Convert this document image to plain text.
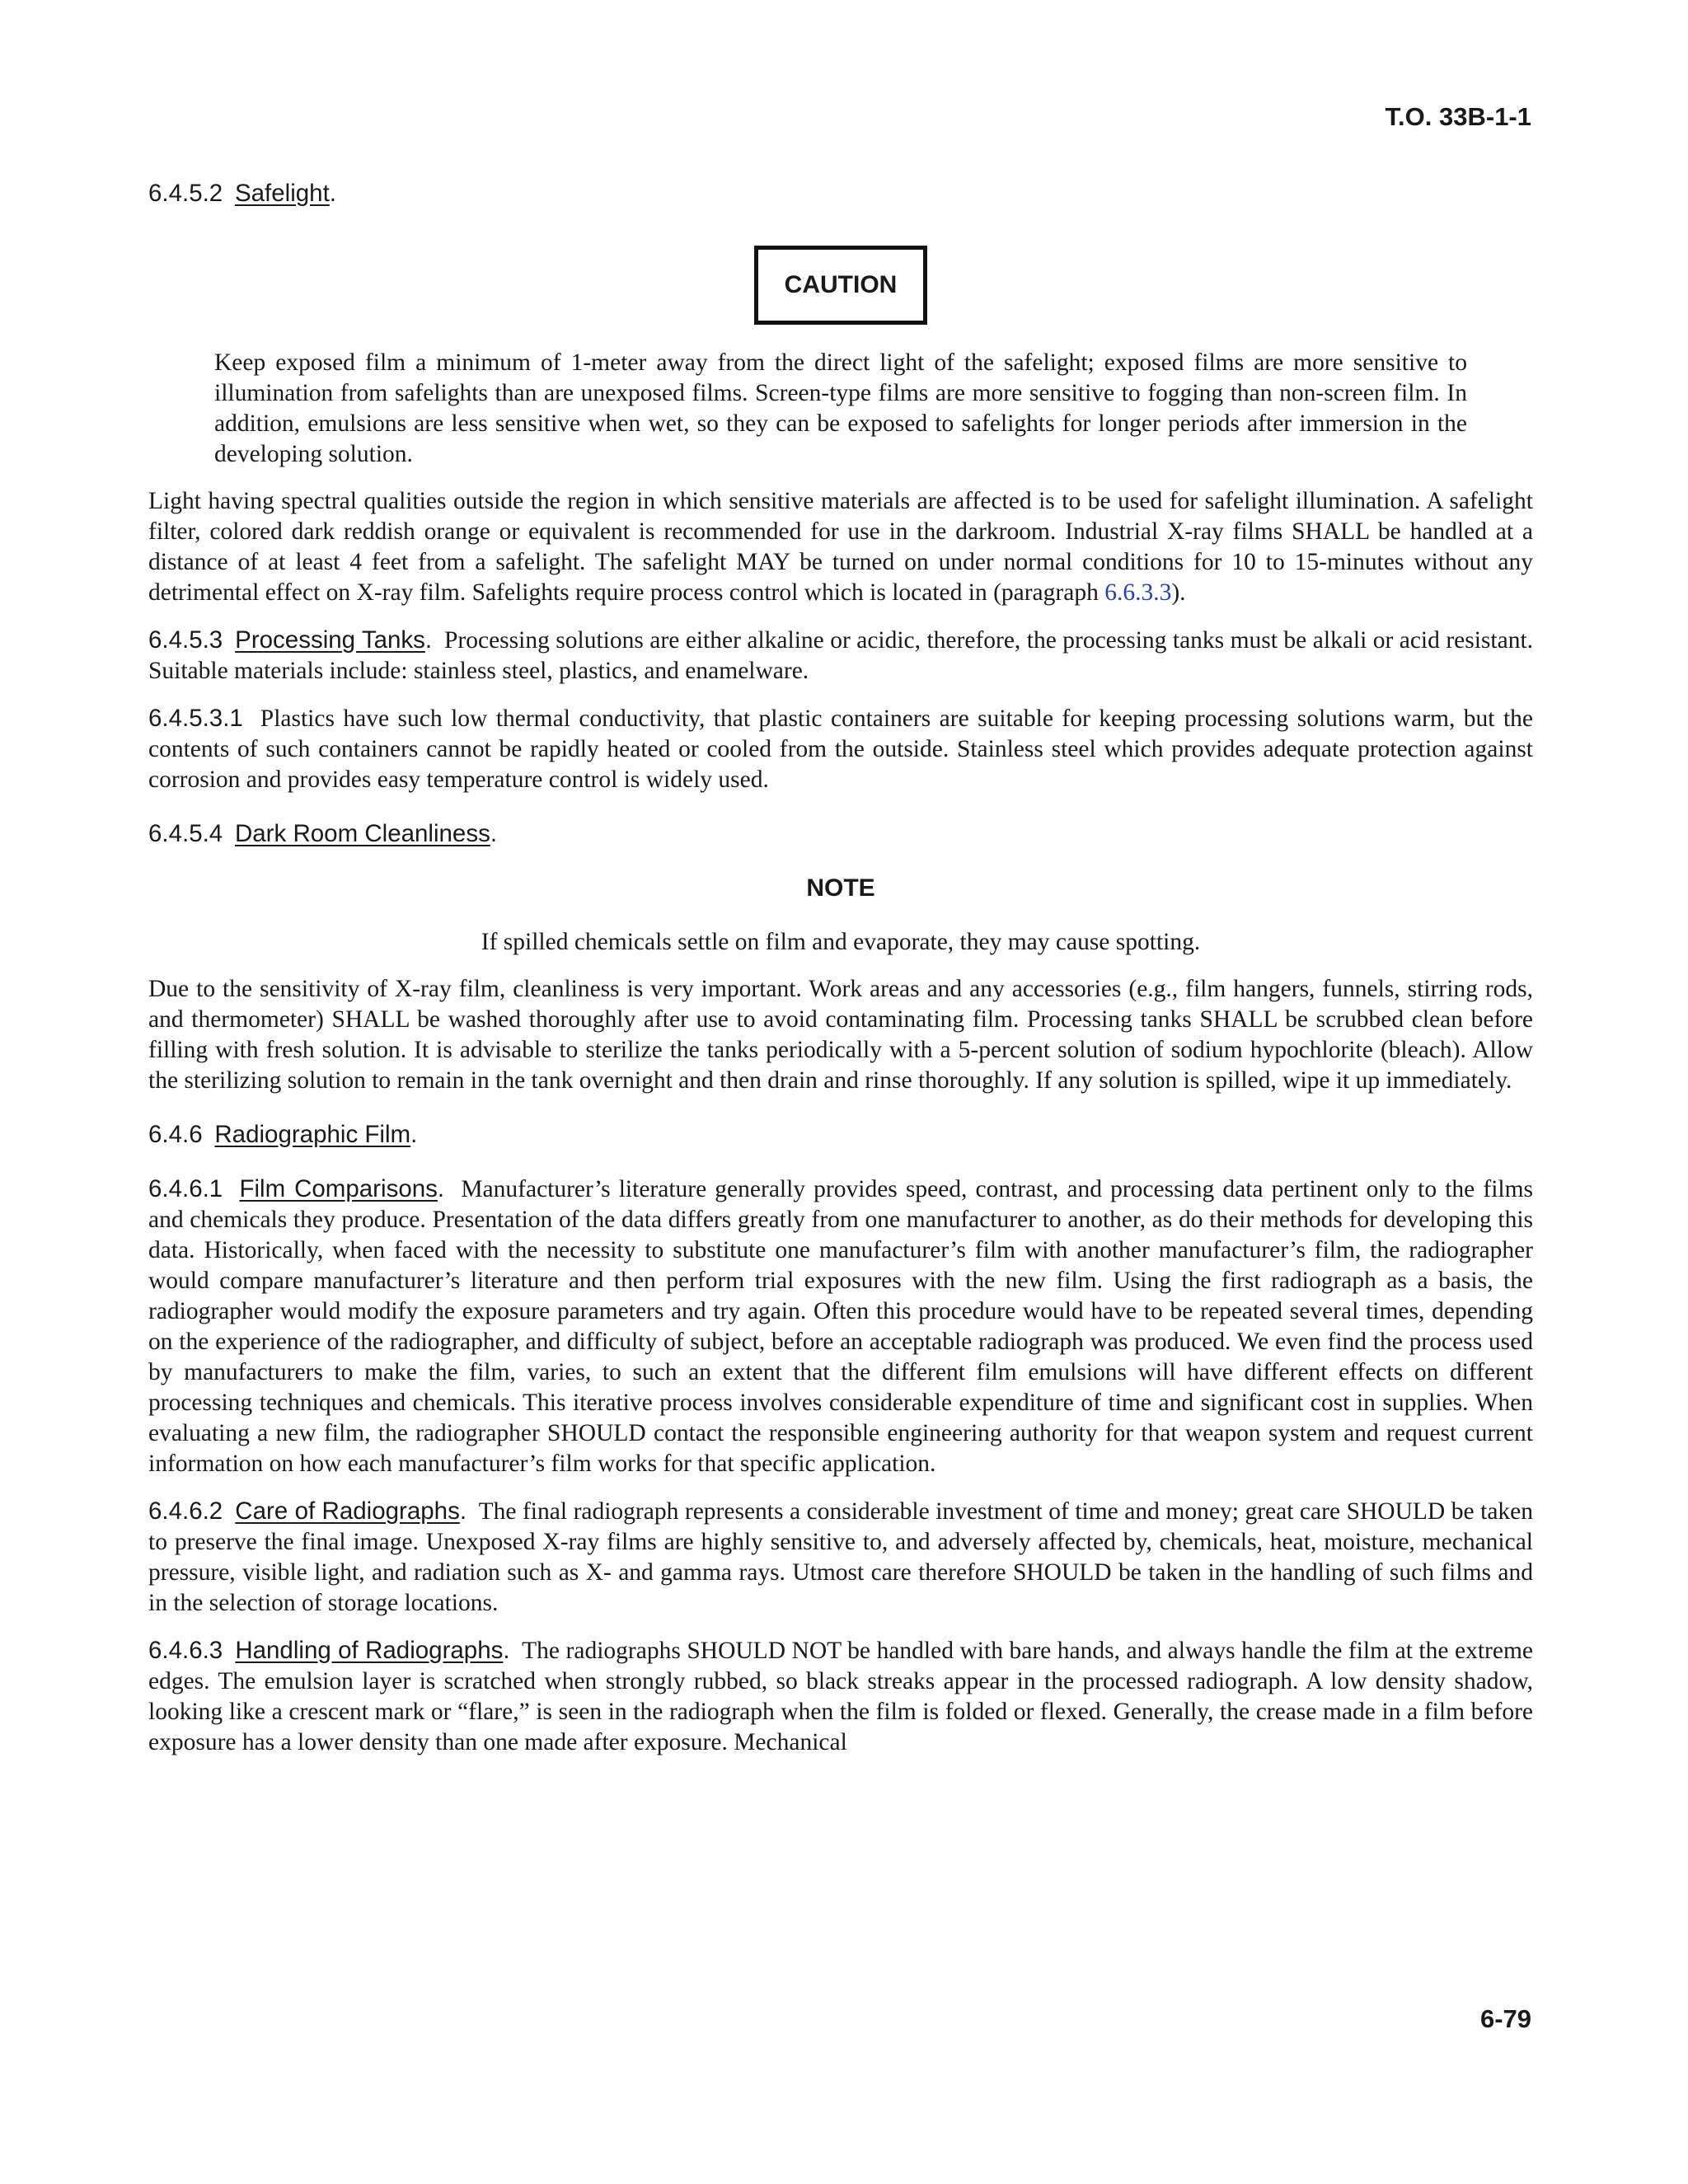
T.O. 33B-1-1

6.4.5.2 Safelight.

CAUTION

Keep exposed film a minimum of 1-meter away from the direct light of the safelight; exposed films are more sensitive to illumination from safelights than are unexposed films. Screen-type films are more sensitive to fogging than non-screen film. In addition, emulsions are less sensitive when wet, so they can be exposed to safelights for longer periods after immersion in the developing solution.

Light having spectral qualities outside the region in which sensitive materials are affected is to be used for safelight illumination. A safelight filter, colored dark reddish orange or equivalent is recommended for use in the darkroom. Industrial X-ray films SHALL be handled at a distance of at least 4 feet from a safelight. The safelight MAY be turned on under normal conditions for 10 to 15-minutes without any detrimental effect on X-ray film. Safelights require process control which is located in (paragraph 6.6.3.3).

6.4.5.3 Processing Tanks. Processing solutions are either alkaline or acidic, therefore, the processing tanks must be alkali or acid resistant. Suitable materials include: stainless steel, plastics, and enamelware.

6.4.5.3.1 Plastics have such low thermal conductivity, that plastic containers are suitable for keeping processing solutions warm, but the contents of such containers cannot be rapidly heated or cooled from the outside. Stainless steel which provides adequate protection against corrosion and provides easy temperature control is widely used.

6.4.5.4 Dark Room Cleanliness.

NOTE

If spilled chemicals settle on film and evaporate, they may cause spotting.

Due to the sensitivity of X-ray film, cleanliness is very important. Work areas and any accessories (e.g., film hangers, funnels, stirring rods, and thermometer) SHALL be washed thoroughly after use to avoid contaminating film. Processing tanks SHALL be scrubbed clean before filling with fresh solution. It is advisable to sterilize the tanks periodically with a 5-percent solution of sodium hypochlorite (bleach). Allow the sterilizing solution to remain in the tank overnight and then drain and rinse thoroughly. If any solution is spilled, wipe it up immediately.

6.4.6 Radiographic Film.

6.4.6.1 Film Comparisons. Manufacturer’s literature generally provides speed, contrast, and processing data pertinent only to the films and chemicals they produce. Presentation of the data differs greatly from one manufacturer to another, as do their methods for developing this data. Historically, when faced with the necessity to substitute one manufacturer’s film with another manufacturer’s film, the radiographer would compare manufacturer’s literature and then perform trial exposures with the new film. Using the first radiograph as a basis, the radiographer would modify the exposure parameters and try again. Often this procedure would have to be repeated several times, depending on the experience of the radiographer, and difficulty of subject, before an acceptable radiograph was produced. We even find the process used by manufacturers to make the film, varies, to such an extent that the different film emulsions will have different effects on different processing techniques and chemicals. This iterative process involves considerable expenditure of time and significant cost in supplies. When evaluating a new film, the radiographer SHOULD contact the responsible engineering authority for that weapon system and request current information on how each manufacturer’s film works for that specific application.

6.4.6.2 Care of Radiographs. The final radiograph represents a considerable investment of time and money; great care SHOULD be taken to preserve the final image. Unexposed X-ray films are highly sensitive to, and adversely affected by, chemicals, heat, moisture, mechanical pressure, visible light, and radiation such as X- and gamma rays. Utmost care therefore SHOULD be taken in the handling of such films and in the selection of storage locations.

6.4.6.3 Handling of Radiographs. The radiographs SHOULD NOT be handled with bare hands, and always handle the film at the extreme edges. The emulsion layer is scratched when strongly rubbed, so black streaks appear in the processed radiograph. A low density shadow, looking like a crescent mark or “flare,” is seen in the radiograph when the film is folded or flexed. Generally, the crease made in a film before exposure has a lower density than one made after exposure. Mechanical

6-79
